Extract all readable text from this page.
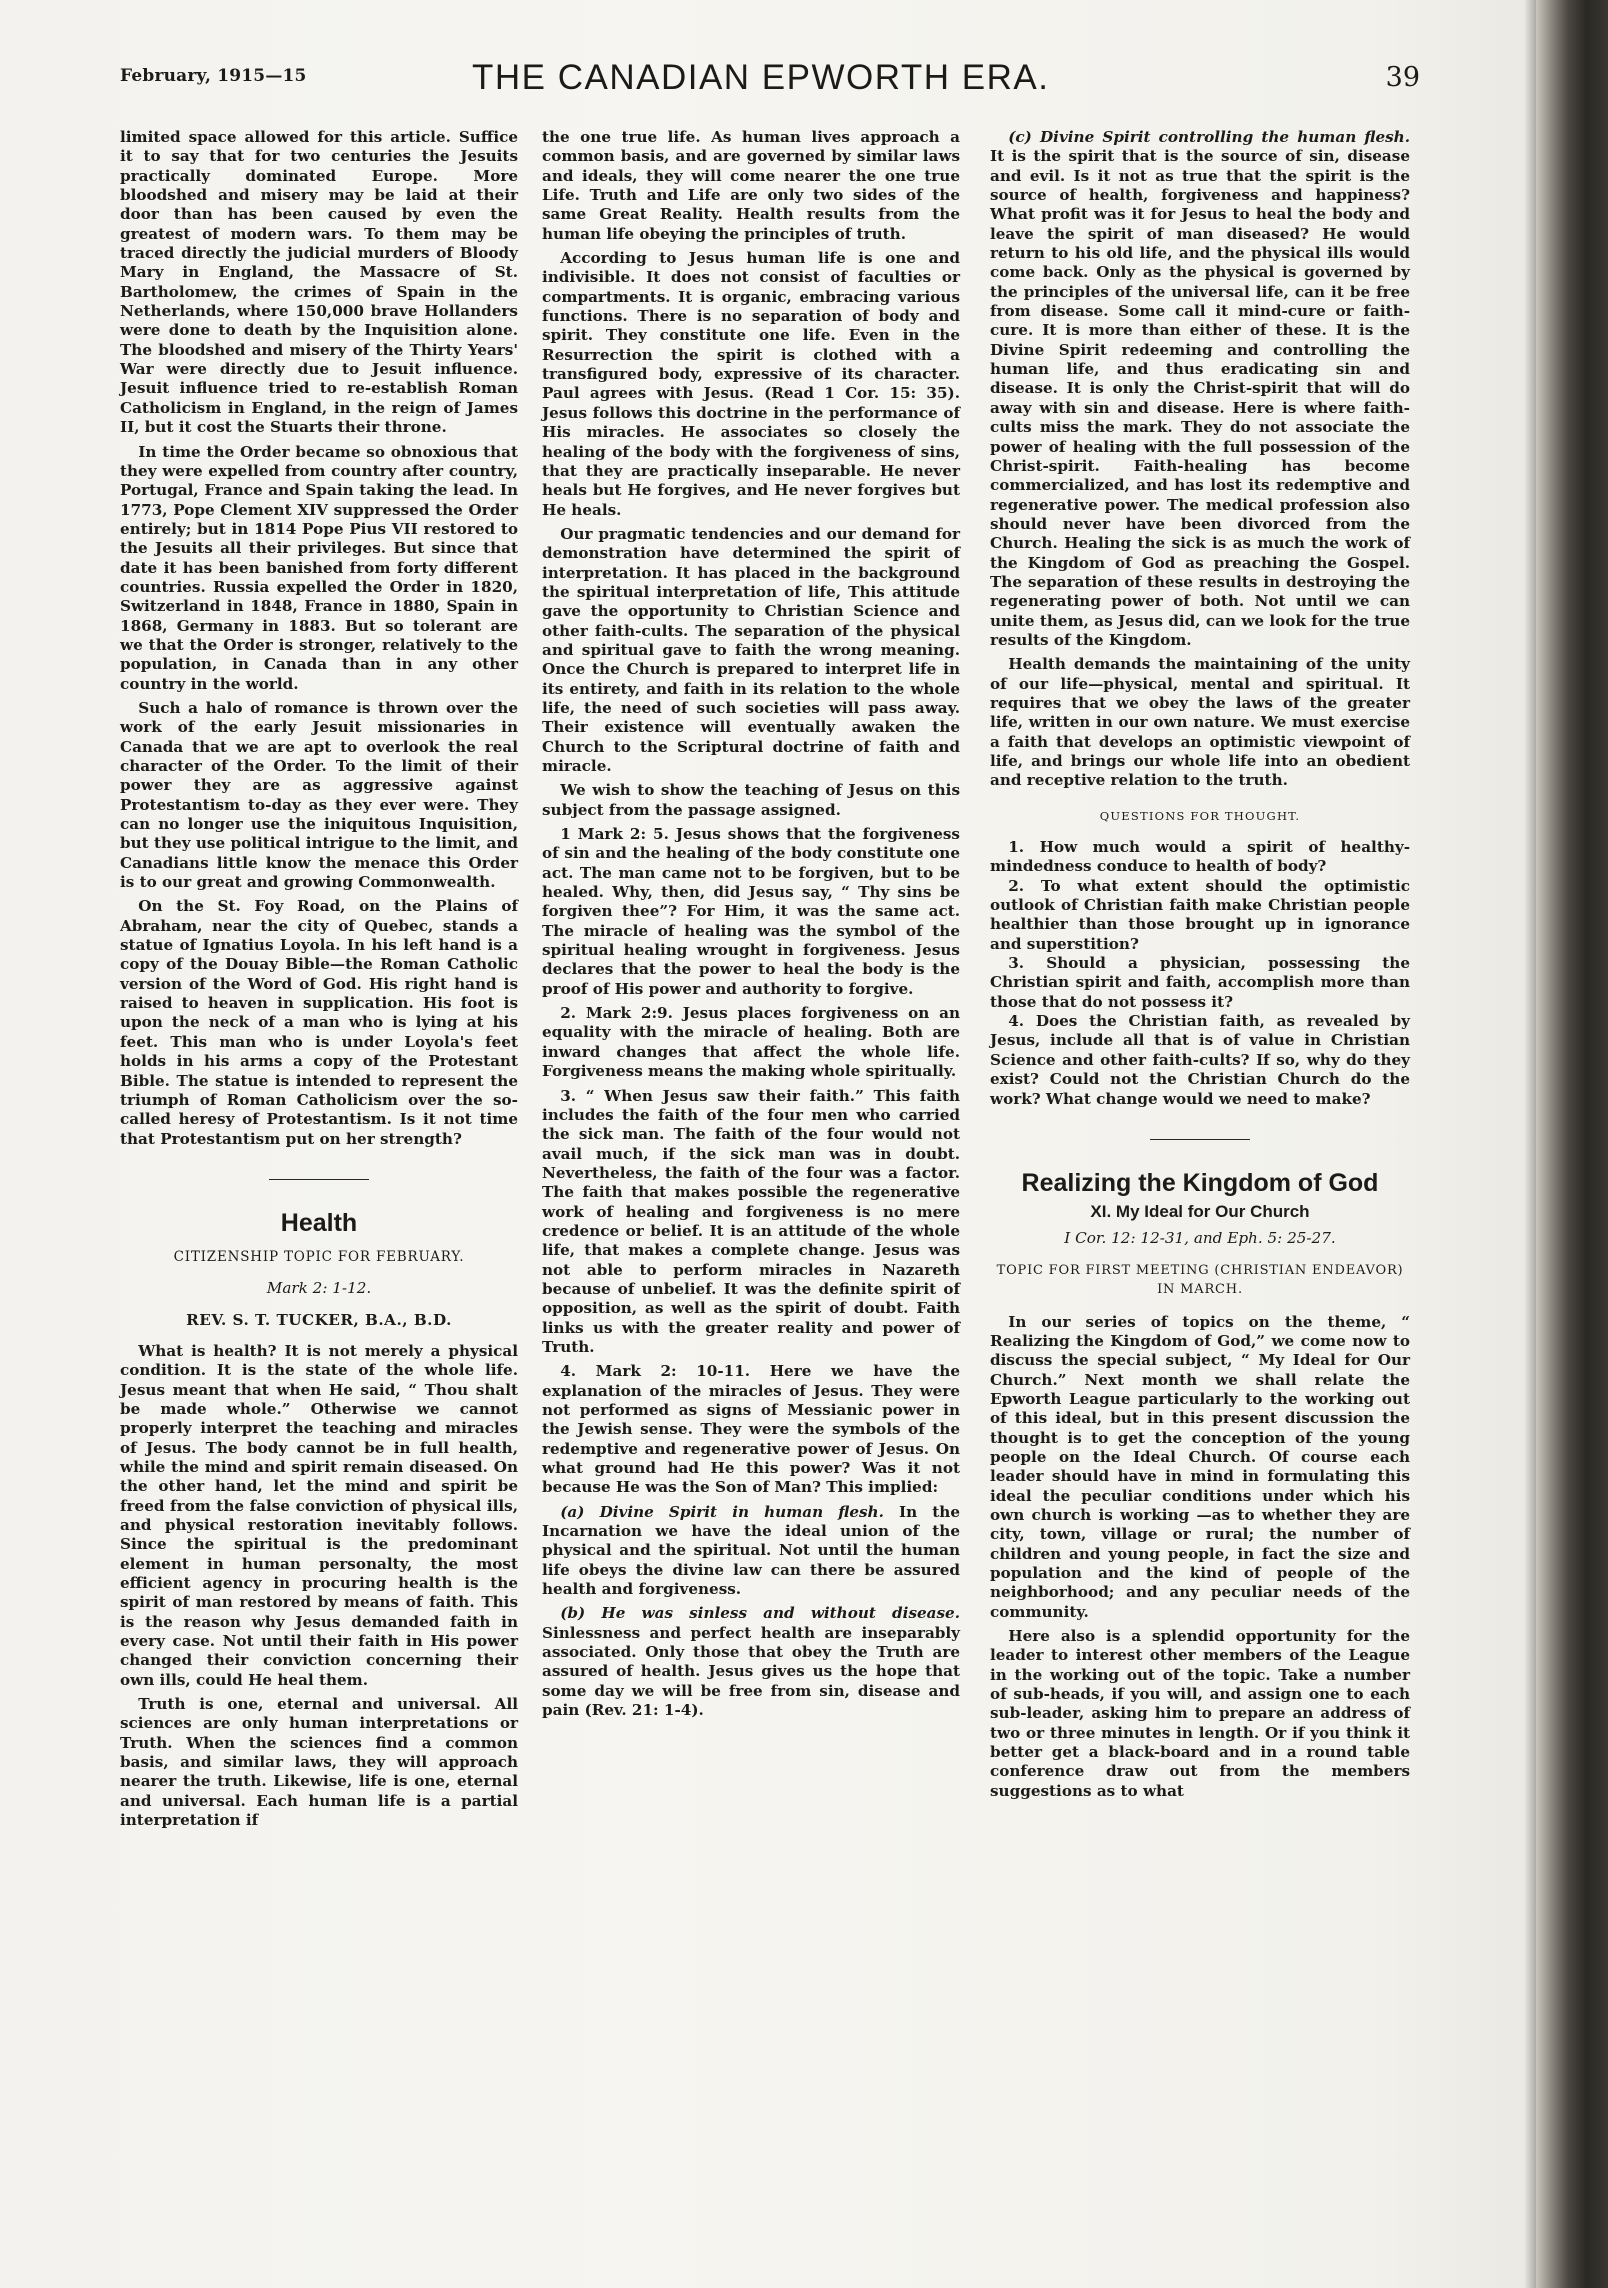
February, 1915—15	THE CANADIAN EPWORTH ERA.	39

limited space allowed for this article. Suffice it to say that for two centuries the Jesuits practically dominated Europe. More bloodshed and misery may be laid at their door than has been caused by even the greatest of modern wars. To them may be traced directly the judicial murders of Bloody Mary in England, the Massacre of St. Bartholomew, the crimes of Spain in the Netherlands, where 150,000 brave Hollanders were done to death by the Inquisition alone. The bloodshed and misery of the Thirty Years' War were directly due to Jesuit influence. Jesuit influence tried to re-establish Roman Catholicism in England, in the reign of James II, but it cost the Stuarts their throne.

In time the Order became so obnoxious that they were expelled from country after country, Portugal, France and Spain taking the lead. In 1773, Pope Clement XIV suppressed the Order entirely; but in 1814 Pope Pius VII restored to the Jesuits all their privileges. But since that date it has been banished from forty different countries. Russia expelled the Order in 1820, Switzerland in 1848, France in 1880, Spain in 1868, Germany in 1883. But so tolerant are we that the Order is stronger, relatively to the population, in Canada than in any other country in the world.

Such a halo of romance is thrown over the work of the early Jesuit missionaries in Canada that we are apt to overlook the real character of the Order. To the limit of their power they are as aggressive against Protestantism to-day as they ever were. They can no longer use the iniquitous Inquisition, but they use political intrigue to the limit, and Canadians little know the menace this Order is to our great and growing Commonwealth.

On the St. Foy Road, on the Plains of Abraham, near the city of Quebec, stands a statue of Ignatius Loyola. In his left hand is a copy of the Douay Bible—the Roman Catholic version of the Word of God. His right hand is raised to heaven in supplication. His foot is upon the neck of a man who is lying at his feet. This man who is under Loyola's feet holds in his arms a copy of the Protestant Bible. The statue is intended to represent the triumph of Roman Catholicism over the so-called heresy of Protestantism. Is it not time that Protestantism put on her strength?

Health
CITIZENSHIP TOPIC FOR FEBRUARY.
Mark 2: 1-12.
REV. S. T. TUCKER, B.A., B.D.

What is health? It is not merely a physical condition. It is the state of the whole life. Jesus meant that when He said, “ Thou shalt be made whole.” Otherwise we cannot properly interpret the teaching and miracles of Jesus. The body cannot be in full health, while the mind and spirit remain diseased. On the other hand, let the mind and spirit be freed from the false conviction of physical ills, and physical restoration inevitably follows. Since the spiritual is the predominant element in human personalty, the most efficient agency in procuring health is the spirit of man restored by means of faith. This is the reason why Jesus demanded faith in every case. Not until their faith in His power changed their conviction concerning their own ills, could He heal them.

Truth is one, eternal and universal. All sciences are only human interpretations or Truth. When the sciences find a common basis, and similar laws, they will approach nearer the truth. Likewise, life is one, eternal and universal. Each human life is a partial interpretation if

the one true life. As human lives approach a common basis, and are governed by similar laws and ideals, they will come nearer the one true Life. Truth and Life are only two sides of the same Great Reality. Health results from the human life obeying the principles of truth.

According to Jesus human life is one and indivisible. It does not consist of faculties or compartments. It is organic, embracing various functions. There is no separation of body and spirit. They constitute one life. Even in the Resurrection the spirit is clothed with a transfigured body, expressive of its character. Paul agrees with Jesus. (Read 1 Cor. 15: 35). Jesus follows this doctrine in the performance of His miracles. He associates so closely the healing of the body with the forgiveness of sins, that they are practically inseparable. He never heals but He forgives, and He never forgives but He heals.

Our pragmatic tendencies and our demand for demonstration have determined the spirit of interpretation. It has placed in the background the spiritual interpretation of life, This attitude gave the opportunity to Christian Science and other faith-cults. The separation of the physical and spiritual gave to faith the wrong meaning. Once the Church is prepared to interpret life in its entirety, and faith in its relation to the whole life, the need of such societies will pass away. Their existence will eventually awaken the Church to the Scriptural doctrine of faith and miracle.

We wish to show the teaching of Jesus on this subject from the passage assigned.

1 Mark 2: 5. Jesus shows that the forgiveness of sin and the healing of the body constitute one act. The man came not to be forgiven, but to be healed. Why, then, did Jesus say, “ Thy sins be forgiven thee”? For Him, it was the same act. The miracle of healing was the symbol of the spiritual healing wrought in forgiveness. Jesus declares that the power to heal the body is the proof of His power and authority to forgive.

2. Mark 2:9. Jesus places forgiveness on an equality with the miracle of healing. Both are inward changes that affect the whole life. Forgiveness means the making whole spiritually.

3. “ When Jesus saw their faith.” This faith includes the faith of the four men who carried the sick man. The faith of the four would not avail much, if the sick man was in doubt. Nevertheless, the faith of the four was a factor. The faith that makes possible the regenerative work of healing and forgiveness is no mere credence or belief. It is an attitude of the whole life, that makes a complete change. Jesus was not able to perform miracles in Nazareth because of unbelief. It was the definite spirit of opposition, as well as the spirit of doubt. Faith links us with the greater reality and power of Truth.

4. Mark 2: 10-11. Here we have the explanation of the miracles of Jesus. They were not performed as signs of Messianic power in the Jewish sense. They were the symbols of the redemptive and regenerative power of Jesus. On what ground had He this power? Was it not because He was the Son of Man? This implied:

(a) Divine Spirit in human flesh. In the Incarnation we have the ideal union of the physical and the spiritual. Not until the human life obeys the divine law can there be assured health and forgiveness.

(b) He was sinless and without disease. Sinlessness and perfect health are inseparably associated. Only those that obey the Truth are assured of health. Jesus gives us the hope that some day we will be free from sin, disease and pain (Rev. 21: 1-4).

(c) Divine Spirit controlling the human flesh. It is the spirit that is the source of sin, disease and evil. Is it not as true that the spirit is the source of health, forgiveness and happiness? What profit was it for Jesus to heal the body and leave the spirit of man diseased? He would return to his old life, and the physical ills would come back. Only as the physical is governed by the principles of the universal life, can it be free from disease. Some call it mind-cure or faith-cure. It is more than either of these. It is the Divine Spirit redeeming and controlling the human life, and thus eradicating sin and disease. It is only the Christ-spirit that will do away with sin and disease. Here is where faith-cults miss the mark. They do not associate the power of healing with the full possession of the Christ-spirit. Faith-healing has become commercialized, and has lost its redemptive and regenerative power. The medical profession also should never have been divorced from the Church. Healing the sick is as much the work of the Kingdom of God as preaching the Gospel. The separation of these results in destroying the regenerating power of both. Not until we can unite them, as Jesus did, can we look for the true results of the Kingdom.

Health demands the maintaining of the unity of our life—physical, mental and spiritual. It requires that we obey the laws of the greater life, written in our own nature. We must exercise a faith that develops an optimistic viewpoint of life, and brings our whole life into an obedient and receptive relation to the truth.

QUESTIONS FOR THOUGHT.

1. How much would a spirit of healthy-mindedness conduce to health of body?

2. To what extent should the optimistic outlook of Christian faith make Christian people healthier than those brought up in ignorance and superstition?

3. Should a physician, possessing the Christian spirit and faith, accomplish more than those that do not possess it?

4. Does the Christian faith, as revealed by Jesus, include all that is of value in Christian Science and other faith-cults? If so, why do they exist? Could not the Christian Church do the work? What change would we need to make?

Realizing the Kingdom of God
XI. My Ideal for Our Church
I Cor. 12: 12-31, and Eph. 5: 25-27.
TOPIC FOR FIRST MEETING (CHRISTIAN ENDEAVOR) IN MARCH.

In our series of topics on the theme, “ Realizing the Kingdom of God,” we come now to discuss the special subject, “ My Ideal for Our Church.” Next month we shall relate the Epworth League particularly to the working out of this ideal, but in this present discussion the thought is to get the conception of the young people on the Ideal Church. Of course each leader should have in mind in formulating this ideal the peculiar conditions under which his own church is working —as to whether they are city, town, village or rural; the number of children and young people, in fact the size and population and the kind of people of the neighborhood; and any peculiar needs of the community.

Here also is a splendid opportunity for the leader to interest other members of the League in the working out of the topic. Take a number of sub-heads, if you will, and assign one to each sub-leader, asking him to prepare an address of two or three minutes in length. Or if you think it better get a black-board and in a round table conference draw out from the members suggestions as to what
